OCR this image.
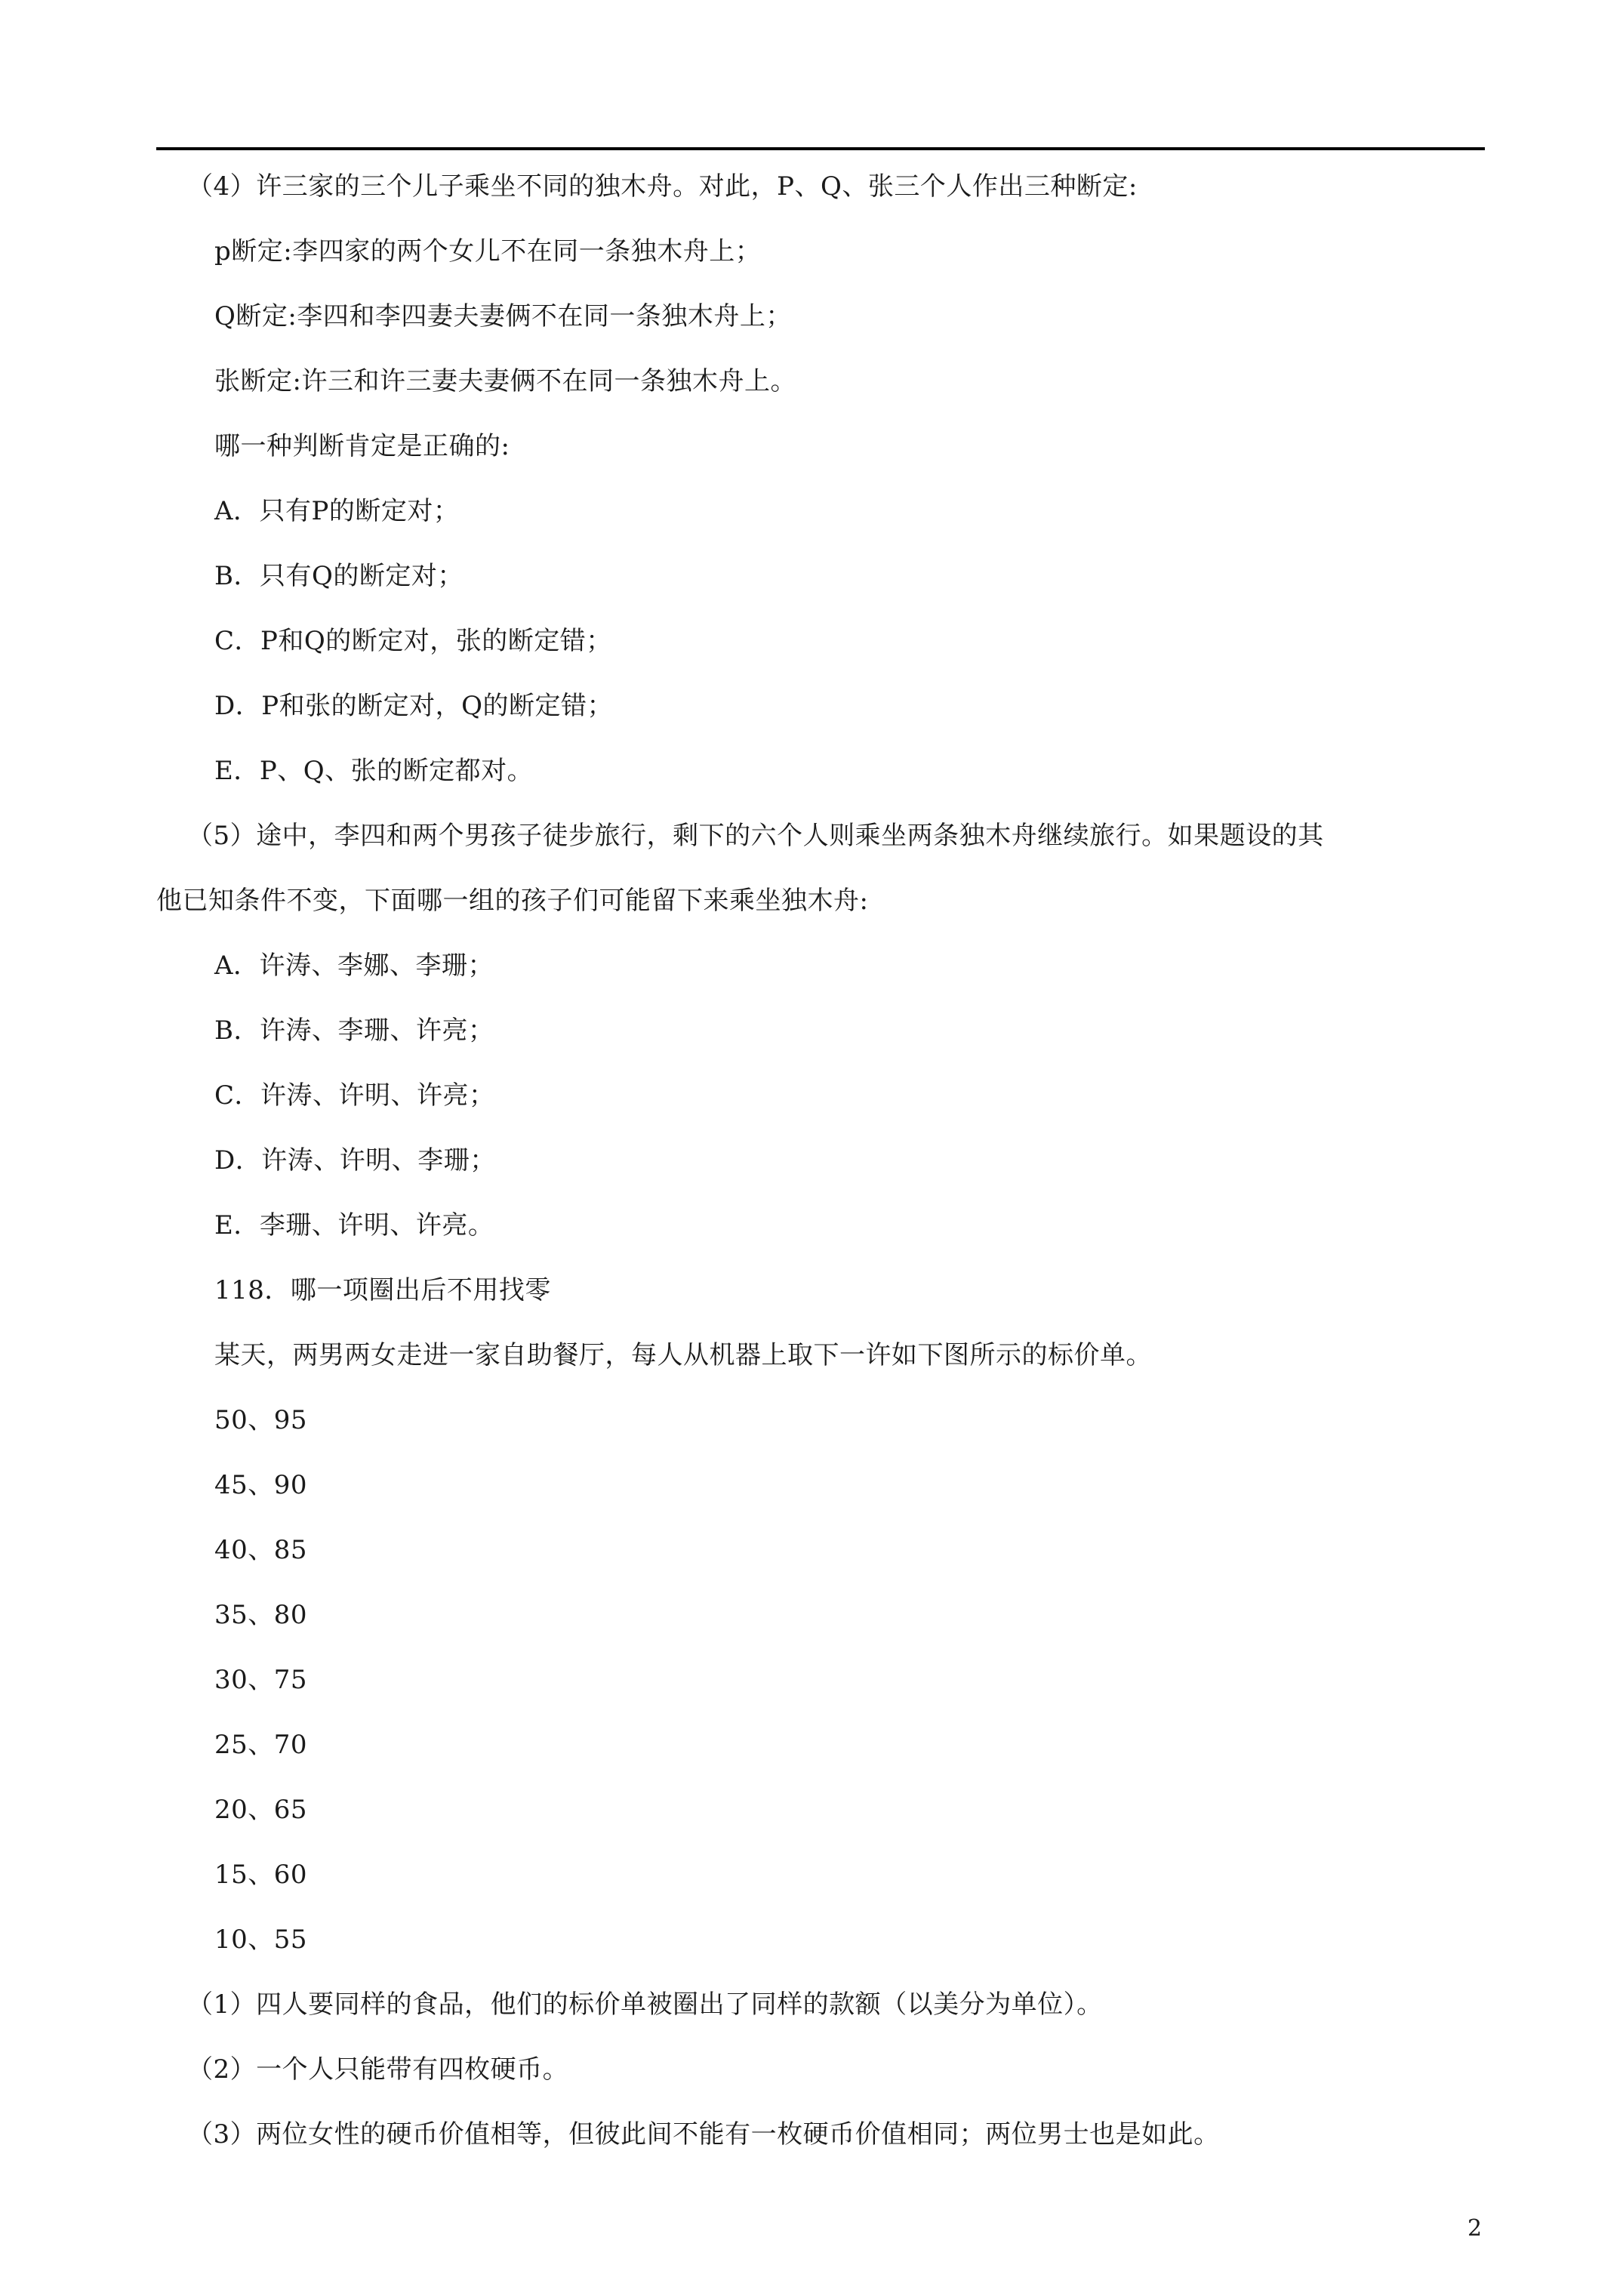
（4）许三家的三个儿子乘坐不同的独木舟。对此，P、Q、张三个人作出三种断定:
p断定:李四家的两个女儿不在同一条独木舟上；
Q断定:李四和李四妻夫妻俩不在同一条独木舟上；
张断定:许三和许三妻夫妻俩不在同一条独木舟上。
哪一种判断肯定是正确的:
A．只有P的断定对；
B．只有Q的断定对；
C．P和Q的断定对，张的断定错；
D．P和张的断定对，Q的断定错；
E．P、Q、张的断定都对。
（5）途中，李四和两个男孩子徒步旅行，剩下的六个人则乘坐两条独木舟继续旅行。如果题设的其
他已知条件不变，下面哪一组的孩子们可能留下来乘坐独木舟:
A．许涛、李娜、李珊；
B．许涛、李珊、许亮；
C．许涛、许明、许亮；
D．许涛、许明、李珊；
E．李珊、许明、许亮。
118．哪一项圈出后不用找零
某天，两男两女走进一家自助餐厅，每人从机器上取下一许如下图所示的标价单。
50、95
45、90
40、85
35、80
30、75
25、70
20、65
15、60
10、55
（1）四人要同样的食品，他们的标价单被圈出了同样的款额（以美分为单位）。
（2）一个人只能带有四枚硬币。
（3）两位女性的硬币价值相等，但彼此间不能有一枚硬币价值相同；两位男士也是如此。
2
